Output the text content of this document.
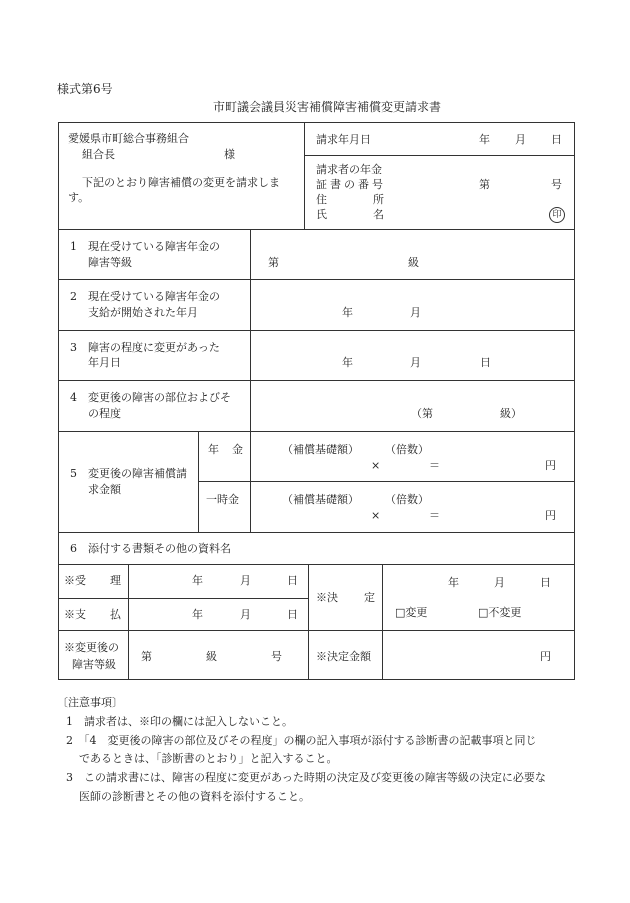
様式第6号
市町議会議員災害補償障害補償変更請求書
愛媛県市町総合事務組合
組合長	様
下記のとおり障害補償の変更を請求しま
す。
請求年月日	年 月 日
請求者の年金
証書の番号	第	号
住	所
氏	名	印
1　現在受けている障害年金の
障害等級	第	級
2　現在受けている障害年金の
支給が開始された年月	年	月
3　障害の程度に変更があった
年月日	年	月	日
4　変更後の障害の部位およびそ
の程度	（第	級）
5　変更後の障害補償請
求金額
年 金	（補償基礎額） （倍数）
×	＝	円
一時金	（補償基礎額） （倍数）
×	＝	円
6　添付する書類その他の資料名
※受 理	年	月	日
※支 払	年	月	日
※決 定
年	月	日
□変更	□不変更
※変更後の
障害等級
第	級	号	※決定金額	円
〔注意事項〕
1　請求者は、※印の欄には記入しないこと。
2　「4　変更後の障害の部位及びその程度」の欄の記入事項が添付する診断書の記載事項と同じ
であるときは、「診断書のとおり」と記入すること。
3　この請求書には、障害の程度に変更があった時期の決定及び変更後の障害等級の決定に必要な
医師の診断書とその他の資料を添付すること。
